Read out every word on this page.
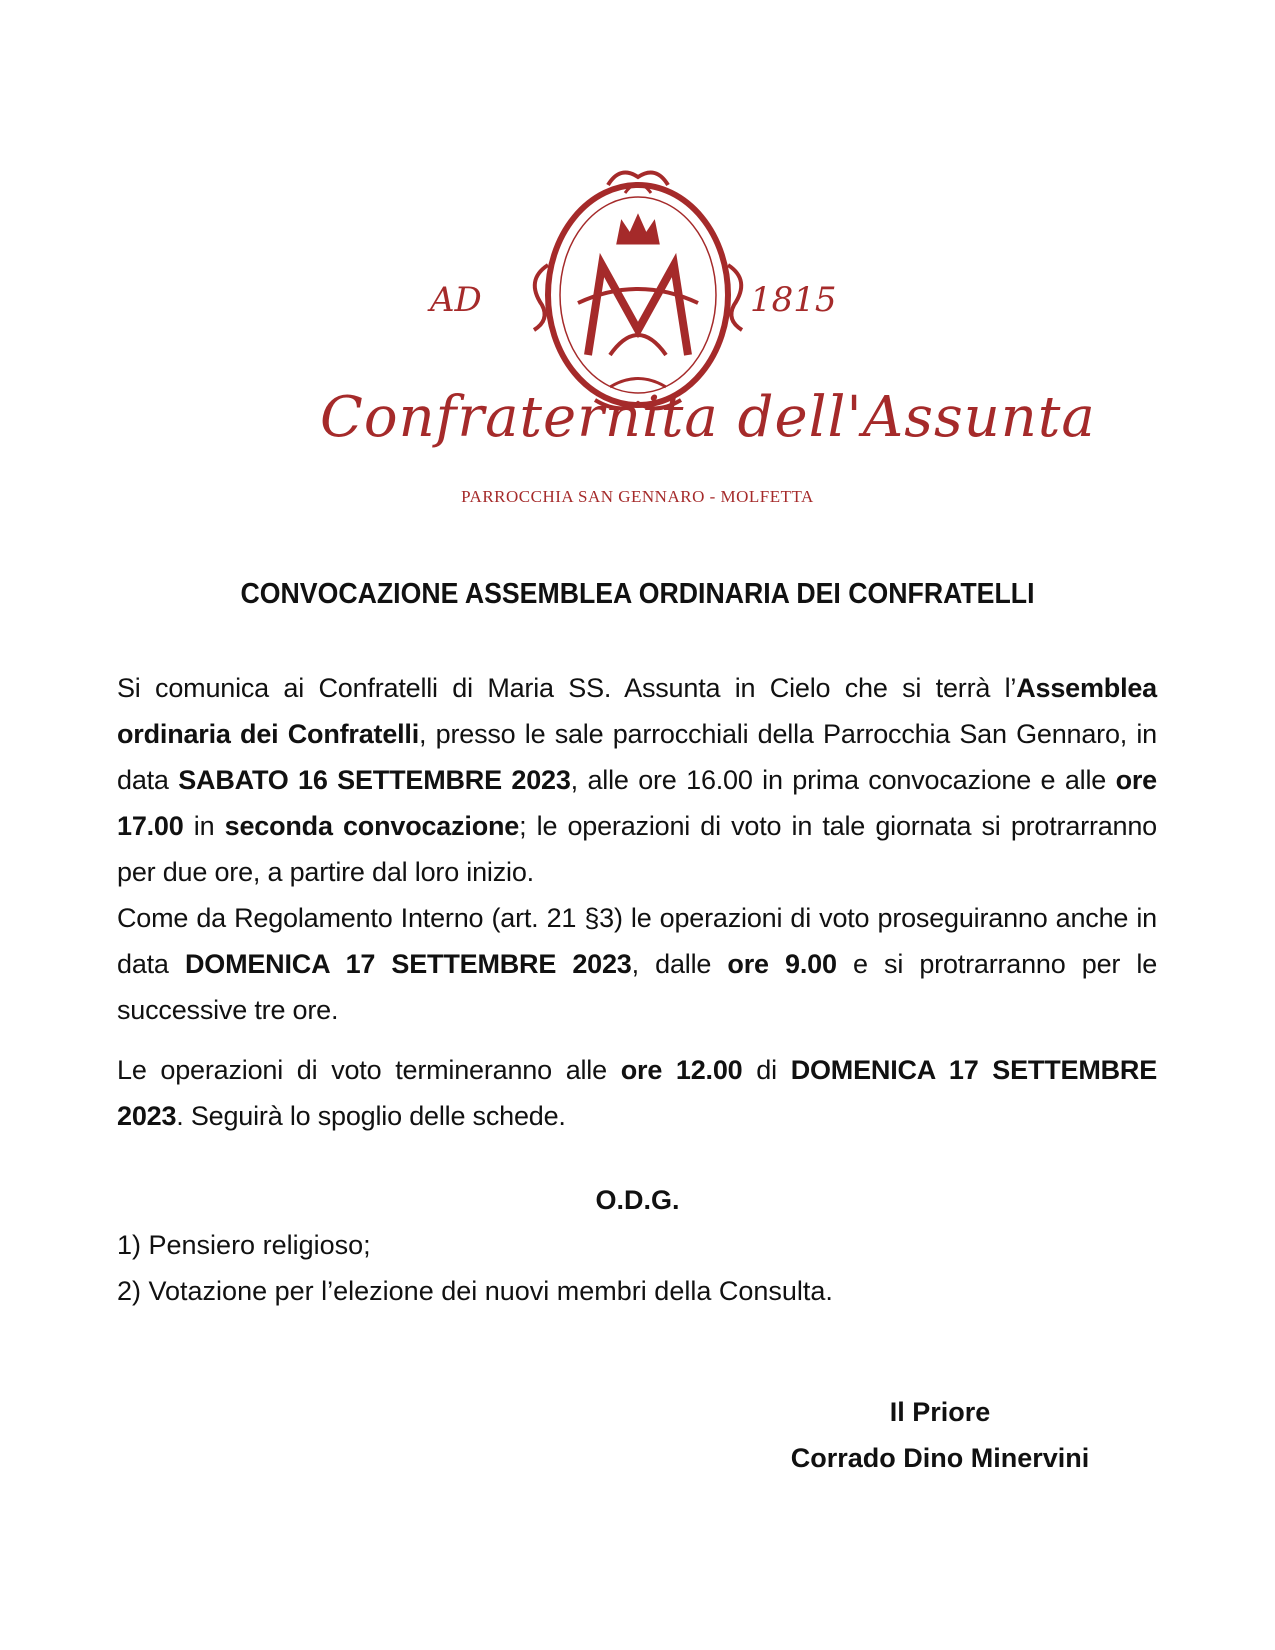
AD	1815
Confraternita dell'Assunta
PARROCCHIA SAN GENNARO - MOLFETTA
CONVOCAZIONE ASSEMBLEA ORDINARIA DEI CONFRATELLI
Si comunica ai Confratelli di Maria SS. Assunta in Cielo che si terrà l’Assemblea ordinaria dei Confratelli, presso le sale parrocchiali della Parrocchia San Gennaro, in data SABATO 16 SETTEMBRE 2023, alle ore 16.00 in prima convocazione e alle ore 17.00 in seconda convocazione; le operazioni di voto in tale giornata si protrarranno per due ore, a partire dal loro inizio.
Come da Regolamento Interno (art. 21 §3) le operazioni di voto proseguiranno anche in data DOMENICA 17 SETTEMBRE 2023, dalle ore 9.00 e si protrarranno per le successive tre ore.
Le operazioni di voto termineranno alle ore 12.00 di DOMENICA 17 SETTEMBRE 2023. Seguirà lo spoglio delle schede.
O.D.G.
1) Pensiero religioso;
2) Votazione per l’elezione dei nuovi membri della Consulta.
Il Priore
Corrado Dino Minervini
